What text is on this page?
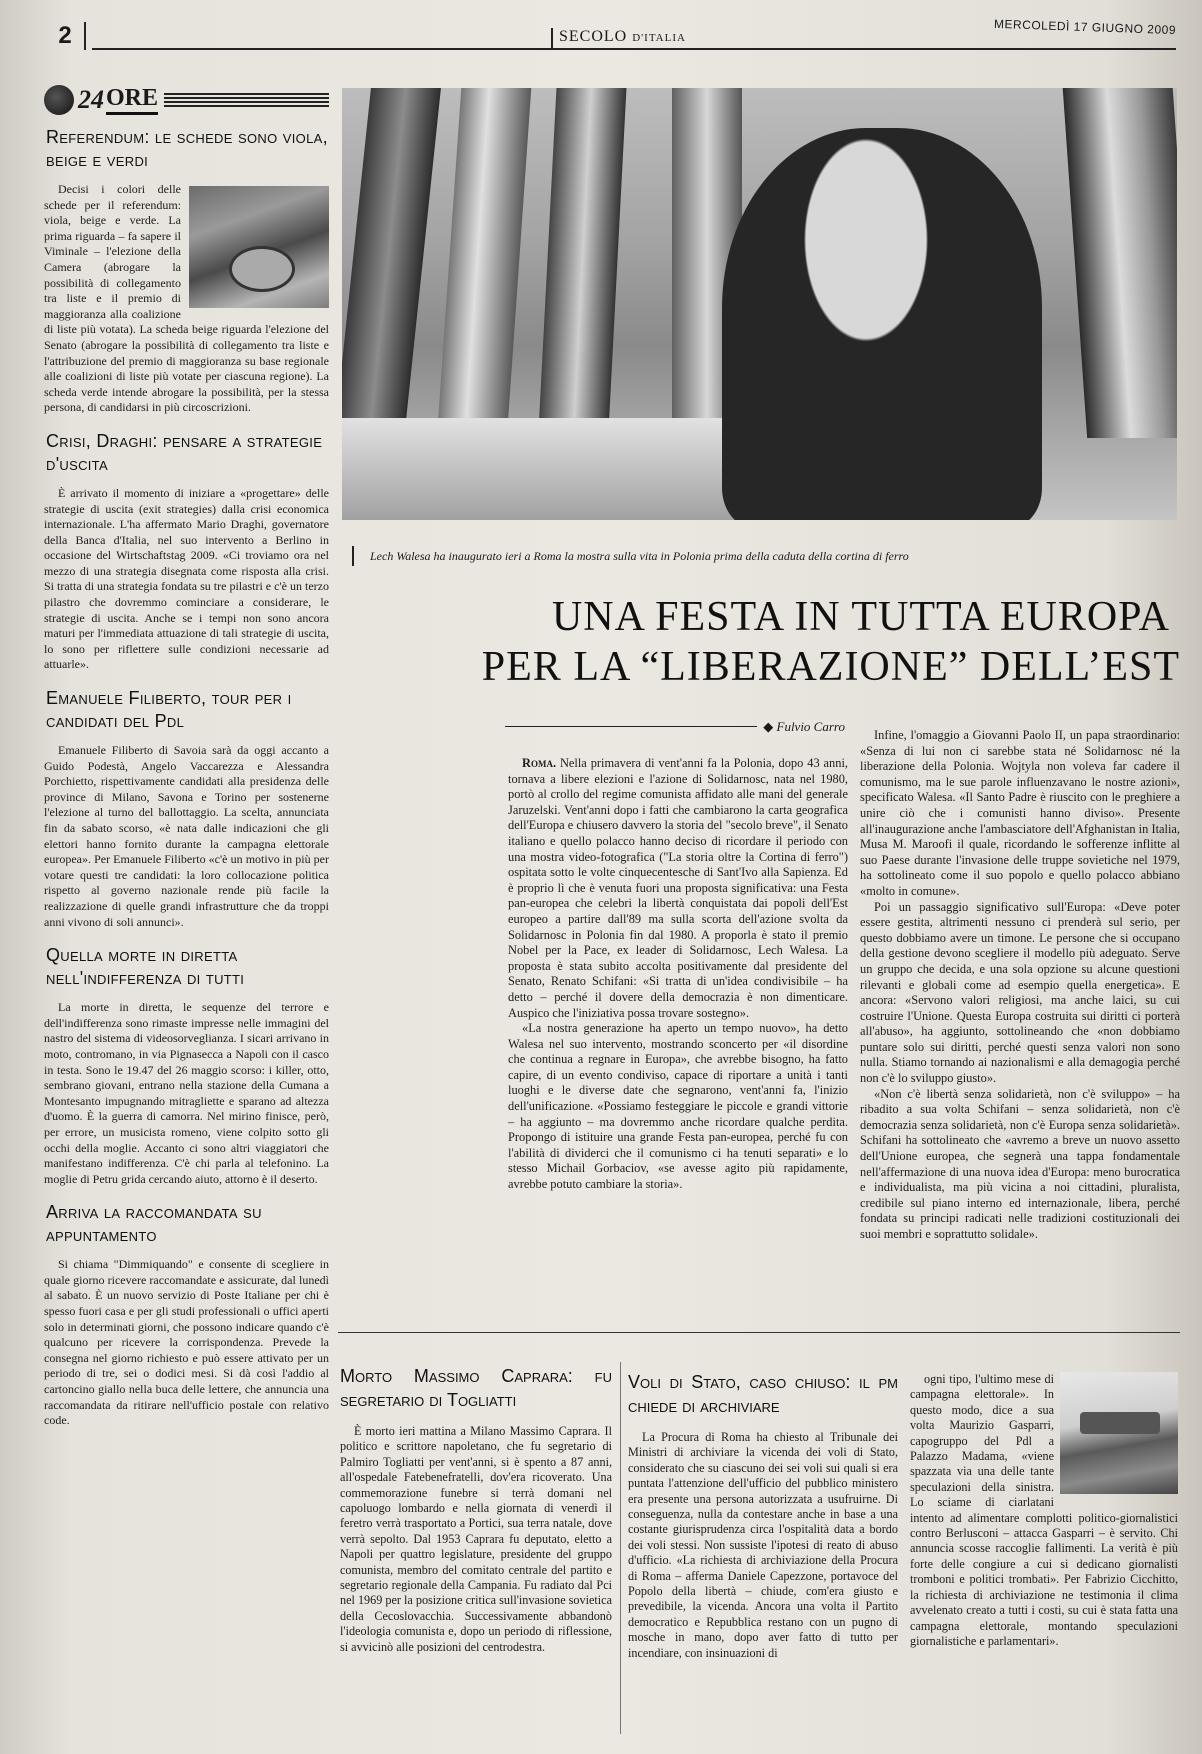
2	SECOLO D'ITALIA
MERCOLEDÌ 17 GIUGNO 2009
24 ORE
Referendum: le schede sono viola, beige e verdi

Decisi i colori delle schede per il referendum: viola, beige e verde. La prima riguarda – fa sapere il Viminale – l'elezione della Camera (abrogare la possibilità di collegamento tra liste e il premio di maggioranza alla coalizione di liste più votata). La scheda beige riguarda l'elezione del Senato (abrogare la possibilità di collegamento tra liste e l'attribuzione del premio di maggioranza su base regionale alle coalizioni di liste più votate per ciascuna regione). La scheda verde intende abrogare la possibilità, per la stessa persona, di candidarsi in più circoscrizioni.

Crisi, Draghi: pensare a strategie d'uscita

È arrivato il momento di iniziare a «progettare» delle strategie di uscita (exit strategies) dalla crisi economica internazionale. L'ha affermato Mario Draghi, governatore della Banca d'Italia, nel suo intervento a Berlino in occasione del Wirtschaftstag 2009. «Ci troviamo ora nel mezzo di una strategia disegnata come risposta alla crisi. Si tratta di una strategia fondata su tre pilastri e c'è un terzo pilastro che dovremmo cominciare a considerare, le strategie di uscita. Anche se i tempi non sono ancora maturi per l'immediata attuazione di tali strategie di uscita, lo sono per riflettere sulle condizioni necessarie ad attuarle».

Emanuele Filiberto, tour per i candidati del Pdl

Emanuele Filiberto di Savoia sarà da oggi accanto a Guido Podestà, Angelo Vaccarezza e Alessandra Porchietto, rispettivamente candidati alla presidenza delle province di Milano, Savona e Torino per sostenerne l'elezione al turno del ballottaggio. La scelta, annunciata fin da sabato scorso, «è nata dalle indicazioni che gli elettori hanno fornito durante la campagna elettorale europea». Per Emanuele Filiberto «c'è un motivo in più per votare questi tre candidati: la loro collocazione politica rispetto al governo nazionale rende più facile la realizzazione di quelle grandi infrastrutture che da troppi anni vivono di soli annunci».

Quella morte in diretta nell'indifferenza di tutti

La morte in diretta, le sequenze del terrore e dell'indifferenza sono rimaste impresse nelle immagini del nastro del sistema di videosorveglianza. I sicari arrivano in moto, contromano, in via Pignasecca a Napoli con il casco in testa. Sono le 19.47 del 26 maggio scorso: i killer, otto, sembrano giovani, entrano nella stazione della Cumana a Montesanto impugnando mitragliette e sparano ad altezza d'uomo. È la guerra di camorra. Nel mirino finisce, però, per errore, un musicista romeno, viene colpito sotto gli occhi della moglie. Accanto ci sono altri viaggiatori che manifestano indifferenza. C'è chi parla al telefonino. La moglie di Petru grida cercando aiuto, attorno è il deserto.

Arriva la raccomandata su appuntamento

Si chiama "Dimmiquando" e consente di scegliere in quale giorno ricevere raccomandate e assicurate, dal lunedì al sabato. È un nuovo servizio di Poste Italiane per chi è spesso fuori casa e per gli studi professionali o uffici aperti solo in determinati giorni, che possono indicare quando c'è qualcuno per ricevere la corrispondenza. Prevede la consegna nel giorno richiesto e può essere attivato per un periodo di tre, sei o dodici mesi. Si dà così l'addio al cartoncino giallo nella buca delle lettere, che annuncia una raccomandata da ritirare nell'ufficio postale con relativo code.

Lech Walesa ha inaugurato ieri a Roma la mostra sulla vita in Polonia prima della caduta della cortina di ferro
UNA FESTA IN TUTTA EUROPA
PER LA “LIBERAZIONE” DELL’EST
◆ Fulvio Carro

Roma. Nella primavera di vent'anni fa la Polonia, dopo 43 anni, tornava a libere elezioni e l'azione di Solidarnosc, nata nel 1980, portò al crollo del regime comunista affidato alle mani del generale Jaruzelski. Vent'anni dopo i fatti che cambiarono la carta geografica dell'Europa e chiusero davvero la storia del "secolo breve", il Senato italiano e quello polacco hanno deciso di ricordare il periodo con una mostra video-fotografica ("La storia oltre la Cortina di ferro") ospitata sotto le volte cinquecentesche di Sant'Ivo alla Sapienza. Ed è proprio lì che è venuta fuori una proposta significativa: una Festa pan-europea che celebri la libertà conquistata dai popoli dell'Est europeo a partire dall'89 ma sulla scorta dell'azione svolta da Solidarnosc in Polonia fin dal 1980. A proporla è stato il premio Nobel per la Pace, ex leader di Solidarnosc, Lech Walesa. La proposta è stata subito accolta positivamente dal presidente del Senato, Renato Schifani: «Si tratta di un'idea condivisibile – ha detto – perché il dovere della democrazia è non dimenticare. Auspico che l'iniziativa possa trovare sostegno».

«La nostra generazione ha aperto un tempo nuovo», ha detto Walesa nel suo intervento, mostrando sconcerto per «il disordine che continua a regnare in Europa», che avrebbe bisogno, ha fatto capire, di un evento condiviso, capace di riportare a unità i tanti luoghi e le diverse date che segnarono, vent'anni fa, l'inizio dell'unificazione. «Possiamo festeggiare le piccole e grandi vittorie – ha aggiunto – ma dovremmo anche ricordare qualche perdita. Propongo di istituire una grande Festa pan-europea, perché fu con l'abilità di dividerci che il comunismo ci ha tenuti separati» e lo stesso Michail Gorbaciov, «se avesse agito più rapidamente, avrebbe potuto cambiare la storia».

Infine, l'omaggio a Giovanni Paolo II, un papa straordinario: «Senza di lui non ci sarebbe stata né Solidarnosc né la liberazione della Polonia. Wojtyla non voleva far cadere il comunismo, ma le sue parole influenzavano le nostre azioni», specificato Walesa. «Il Santo Padre è riuscito con le preghiere a unire ciò che i comunisti hanno diviso». Presente all'inaugurazione anche l'ambasciatore dell'Afghanistan in Italia, Musa M. Maroofi il quale, ricordando le sofferenze inflitte al suo Paese durante l'invasione delle truppe sovietiche nel 1979, ha sottolineato come il suo popolo e quello polacco abbiano «molto in comune».

Poi un passaggio significativo sull'Europa: «Deve poter essere gestita, altrimenti nessuno ci prenderà sul serio, per questo dobbiamo avere un timone. Le persone che si occupano della gestione devono scegliere il modello più adeguato. Serve un gruppo che decida, e una sola opzione su alcune questioni rilevanti e globali come ad esempio quella energetica». E ancora: «Servono valori religiosi, ma anche laici, su cui costruire l'Unione. Questa Europa costruita sui diritti ci porterà all'abuso», ha aggiunto, sottolineando che «non dobbiamo puntare solo sui diritti, perché questi senza valori non sono nulla. Stiamo tornando ai nazionalismi e alla demagogia perché non c'è lo sviluppo giusto».

«Non c'è libertà senza solidarietà, non c'è sviluppo» – ha ribadito a sua volta Schifani – senza solidarietà, non c'è democrazia senza solidarietà, non c'è Europa senza solidarietà». Schifani ha sottolineato che «avremo a breve un nuovo assetto dell'Unione europea, che segnerà una tappa fondamentale nell'affermazione di una nuova idea d'Europa: meno burocratica e individualista, ma più vicina a noi cittadini, pluralista, credibile sul piano interno ed internazionale, libera, perché fondata su principi radicati nelle tradizioni costituzionali dei suoi membri e soprattutto solidale».

Morto Massimo Caprara: fu segretario di Togliatti

È morto ieri mattina a Milano Massimo Caprara. Il politico e scrittore napoletano, che fu segretario di Palmiro Togliatti per vent'anni, si è spento a 87 anni, all'ospedale Fatebenefratelli, dov'era ricoverato. Una commemorazione funebre si terrà domani nel capoluogo lombardo e nella giornata di venerdì il feretro verrà trasportato a Portici, sua terra natale, dove verrà sepolto. Dal 1953 Caprara fu deputato, eletto a Napoli per quattro legislature, presidente del gruppo comunista, membro del comitato centrale del partito e segretario regionale della Campania. Fu radiato dal Pci nel 1969 per la posizione critica sull'invasione sovietica della Cecoslovacchia. Successivamente abbandonò l'ideologia comunista e, dopo un periodo di riflessione, si avvicinò alle posizioni del centrodestra.

Voli di Stato, caso chiuso: il pm chiede di archiviare

La Procura di Roma ha chiesto al Tribunale dei Ministri di archiviare la vicenda dei voli di Stato, considerato che su ciascuno dei sei voli sui quali si era puntata l'attenzione dell'ufficio del pubblico ministero era presente una persona autorizzata a usufruirne. Di conseguenza, nulla da contestare anche in base a una costante giurisprudenza circa l'ospitalità data a bordo dei voli stessi. Non sussiste l'ipotesi di reato di abuso d'ufficio. «La richiesta di archiviazione della Procura di Roma – afferma Daniele Capezzone, portavoce del Popolo della libertà – chiude, com'era giusto e prevedibile, la vicenda. Ancora una volta il Partito democratico e Repubblica restano con un pugno di mosche in mano, dopo aver fatto di tutto per incendiare, con insinuazioni di

ogni tipo, l'ultimo mese di campagna elettorale». In questo modo, dice a sua volta Maurizio Gasparri, capogruppo del Pdl a Palazzo Madama, «viene spazzata via una delle tante speculazioni della sinistra. Lo sciame di ciarlatani intento ad alimentare complotti politico-giornalistici contro Berlusconi – attacca Gasparri – è servito. Chi annuncia scosse raccoglie fallimenti. La verità è più forte delle congiure a cui si dedicano giornalisti tromboni e politici trombati». Per Fabrizio Cicchitto, la richiesta di archiviazione ne testimonia il clima avvelenato creato a tutti i costi, su cui è stata fatta una campagna elettorale, montando speculazioni giornalistiche e parlamentari».
